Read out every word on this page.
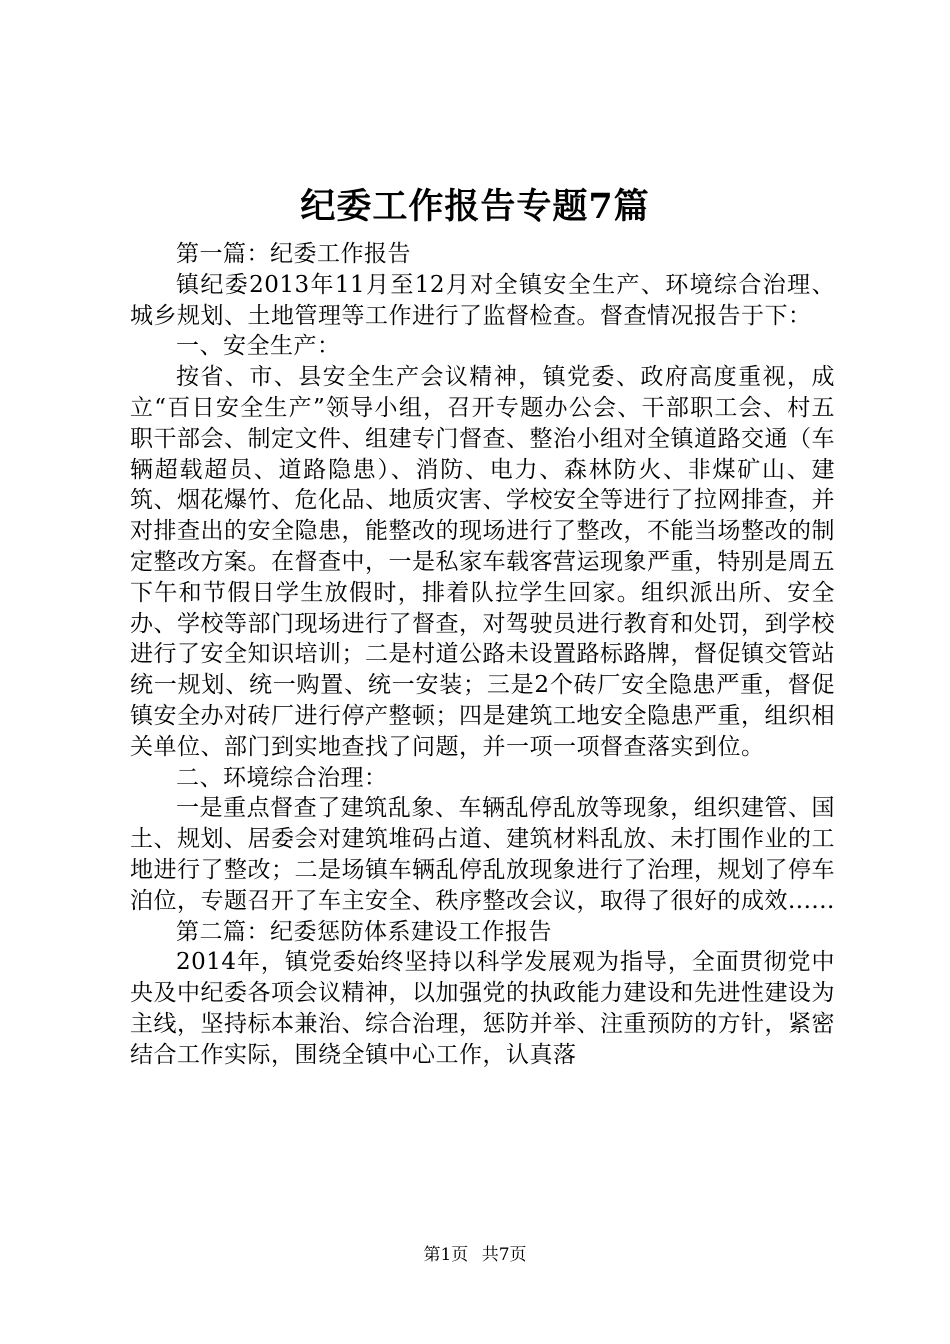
纪委工作报告专题7篇

第一篇：纪委工作报告

镇纪委2013年11月至12月对全镇安全生产、环境综合治理、城乡规划、土地管理等工作进行了监督检查。督查情况报告于下：

一、安全生产：

按省、市、县安全生产会议精神，镇党委、政府高度重视，成立“百日安全生产”领导小组，召开专题办公会、干部职工会、村五职干部会、制定文件、组建专门督查、整治小组对全镇道路交通（车辆超载超员、道路隐患）、消防、电力、森林防火、非煤矿山、建筑、烟花爆竹、危化品、地质灾害、学校安全等进行了拉网排查，并对排查出的安全隐患，能整改的现场进行了整改，不能当场整改的制定整改方案。在督查中，一是私家车载客营运现象严重，特别是周五下午和节假日学生放假时，排着队拉学生回家。组织派出所、安全办、学校等部门现场进行了督查，对驾驶员进行教育和处罚，到学校进行了安全知识培训；二是村道公路未设置路标路牌，督促镇交管站统一规划、统一购置、统一安装；三是2个砖厂安全隐患严重，督促镇安全办对砖厂进行停产整顿；四是建筑工地安全隐患严重，组织相关单位、部门到实地查找了问题，并一项一项督查落实到位。

二、环境综合治理：

一是重点督查了建筑乱象、车辆乱停乱放等现象，组织建管、国土、规划、居委会对建筑堆码占道、建筑材料乱放、未打围作业的工地进行了整改；二是场镇车辆乱停乱放现象进行了治理，规划了停车泊位，专题召开了车主安全、秩序整改会议，取得了很好的成效......

第二篇：纪委惩防体系建设工作报告

2014年，镇党委始终坚持以科学发展观为指导，全面贯彻党中央及中纪委各项会议精神，以加强党的执政能力建设和先进性建设为主线，坚持标本兼治、综合治理，惩防并举、注重预防的方针，紧密结合工作实际，围绕全镇中心工作，认真落

第1页 共7页
